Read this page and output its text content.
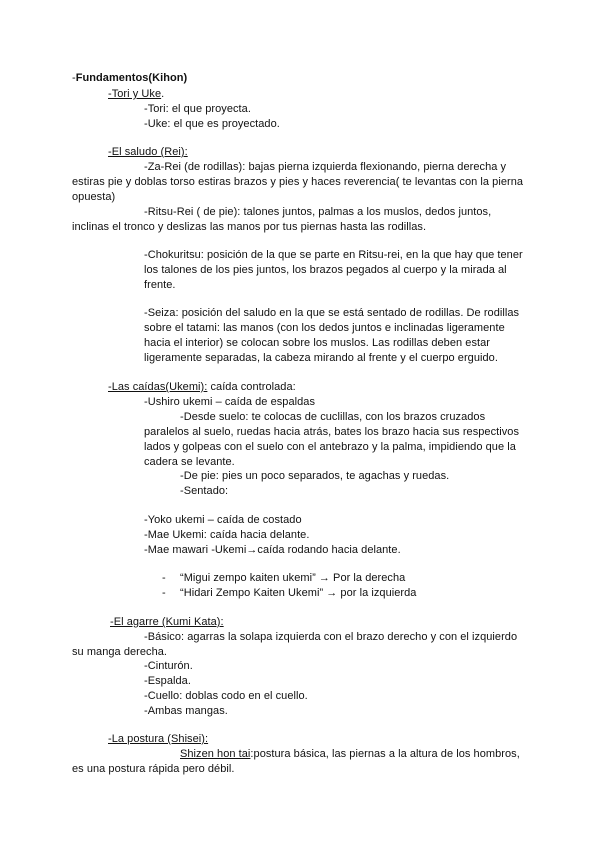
-Fundamentos(Kihon)
-Tori y Uke.
-Tori: el que proyecta.
-Uke: el que es proyectado.
-El saludo (Rei):
-Za-Rei (de rodillas): bajas pierna izquierda flexionando, pierna derecha y
estiras pie y doblas torso estiras brazos y pies y haces reverencia( te levantas con la pierna
opuesta)
-Ritsu-Rei ( de pie): talones juntos, palmas a los muslos, dedos juntos,
inclinas el tronco y deslizas las manos por tus piernas hasta las rodillas.
-Chokuritsu: posición de la que se parte en Ritsu-rei, en la que hay que tener
los talones de los pies juntos, los brazos pegados al cuerpo y la mirada al
frente.
-Seiza: posición del saludo en la que se está sentado de rodillas. De rodillas
sobre el tatami: las manos (con los dedos juntos e inclinadas ligeramente
hacia el interior) se colocan sobre los muslos. Las rodillas deben estar
ligeramente separadas, la cabeza mirando al frente y el cuerpo erguido.
-Las caídas(Ukemi): caída controlada:
-Ushiro ukemi – caída de espaldas
-Desde suelo: te colocas de cuclillas, con los brazos cruzados
paralelos al suelo, ruedas hacia atrás, bates los brazo hacia sus respectivos
lados y golpeas con el suelo con el antebrazo y la palma, impidiendo que la
cadera se levante.
-De pie: pies un poco separados, te agachas y ruedas.
-Sentado:
-Yoko ukemi – caída de costado
-Mae Ukemi: caída hacia delante.
-Mae mawari -Ukemi→caída rodando hacia delante.
- “Migui zempo kaiten ukemi” → Por la derecha
- “Hidari Zempo Kaiten Ukemi” → por la izquierda
-El agarre (Kumi Kata):
-Básico: agarras la solapa izquierda con el brazo derecho y con el izquierdo
su manga derecha.
-Cinturón.
-Espalda.
-Cuello: doblas codo en el cuello.
-Ambas mangas.
-La postura (Shisei):
Shizen hon tai:postura básica, las piernas a la altura de los hombros,
es una postura rápida pero débil.
